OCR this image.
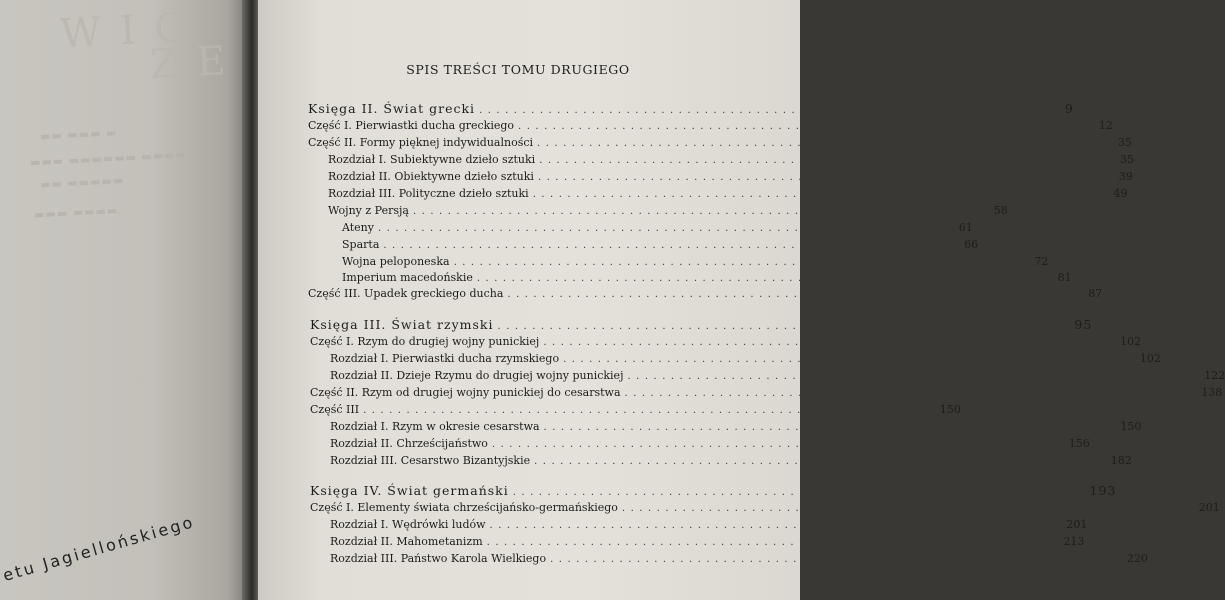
W I C
Z E
▬▬ ▬▬▬ ▬
▬▬▬ ▬▬▬▬▬▬ ▬▬▬▬
▬▬ ▬▬▬▬▬
▬▬▬ ▬▬▬▬
etu Jagiellońskiego
SPIS TREŚCI TOMU DRUGIEGO
Księga II. Świat grecki ..................................................................	9
Część I. Pierwiastki ducha greckiego .................................................................. 12
Część II. Formy pięknej indywidualności .................................................................. 35
Rozdział I. Subiektywne dzieło sztuki .................................................................. 35
Rozdział II. Obiektywne dzieło sztuki .................................................................. 39
Rozdział III. Polityczne dzieło sztuki .................................................................. 49
Wojny z Persją .................................................................. 58
Ateny .................................................................. 61
Sparta .................................................................. 66
Wojna peloponeska .................................................................. 72
Imperium macedońskie .................................................................. 81
Część III. Upadek greckiego ducha .................................................................. 87
Księga III. Świat rzymski .................................................................. 95
Część I. Rzym do drugiej wojny punickiej .................................................................. 102
Rozdział I. Pierwiastki ducha rzymskiego .................................................................. 102
Rozdział II. Dzieje Rzymu do drugiej wojny punickiej .................................................................. 122
Część II. Rzym od drugiej wojny punickiej do cesarstwa .................................................................. 138
Część III .................................................................. 150
Rozdział I. Rzym w okresie cesarstwa .................................................................. 150
Rozdział II. Chrześcijaństwo .................................................................. 156
Rozdział III. Cesarstwo Bizantyjskie .................................................................. 182
Księga IV. Świat germański .................................................................. 193
Część I. Elementy świata chrześcijańsko-germańskiego .................................................................. 201
Rozdział I. Wędrówki ludów .................................................................. 201
Rozdział II. Mahometanizm .................................................................. 213
Rozdział III. Państwo Karola Wielkiego .................................................................. 220
